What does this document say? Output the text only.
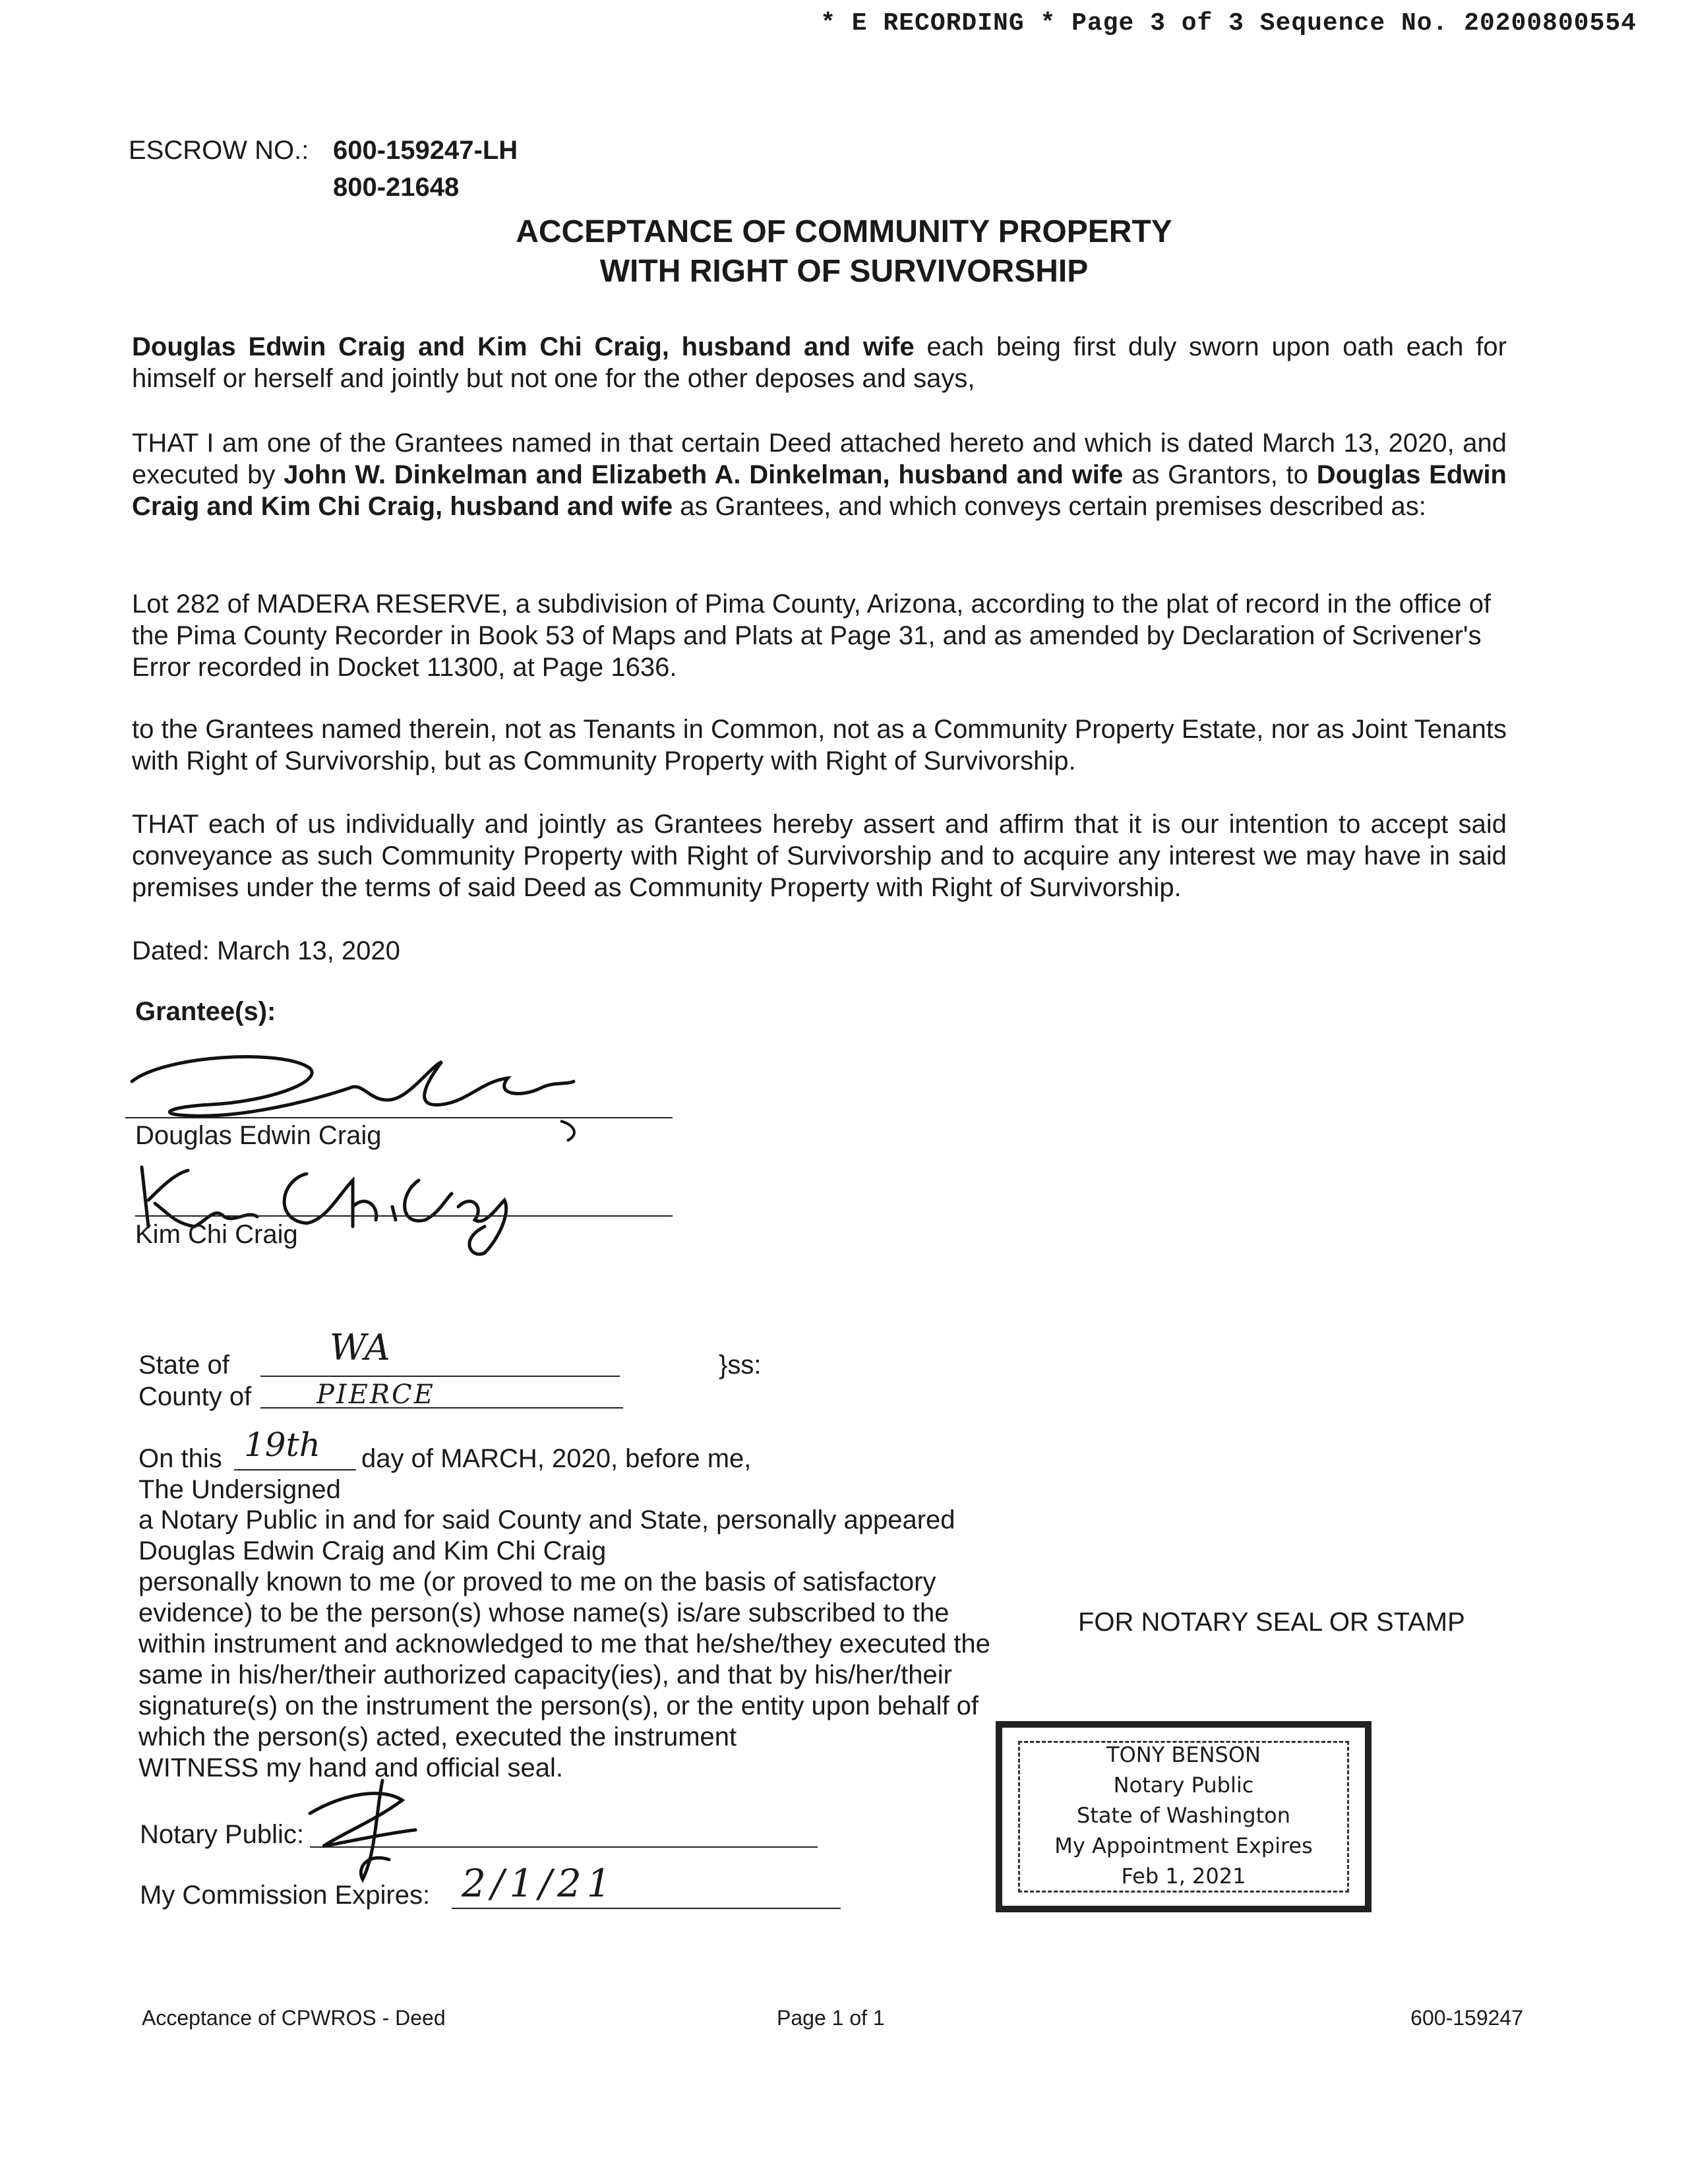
* E RECORDING * Page 3 of 3 Sequence No. 20200800554
ESCROW NO.: 600-159247-LH
800-21648
ACCEPTANCE OF COMMUNITY PROPERTY
WITH RIGHT OF SURVIVORSHIP
Douglas Edwin Craig and Kim Chi Craig, husband and wife each being first duly sworn upon oath each for himself or herself and jointly but not one for the other deposes and says,
THAT I am one of the Grantees named in that certain Deed attached hereto and which is dated March 13, 2020, and executed by John W. Dinkelman and Elizabeth A. Dinkelman, husband and wife as Grantors, to Douglas Edwin Craig and Kim Chi Craig, husband and wife as Grantees, and which conveys certain premises described as:
Lot 282 of MADERA RESERVE, a subdivision of Pima County, Arizona, according to the plat of record in the office of the Pima County Recorder in Book 53 of Maps and Plats at Page 31, and as amended by Declaration of Scrivener's Error recorded in Docket 11300, at Page 1636.
to the Grantees named therein, not as Tenants in Common, not as a Community Property Estate, nor as Joint Tenants with Right of Survivorship, but as Community Property with Right of Survivorship.
THAT each of us individually and jointly as Grantees hereby assert and affirm that it is our intention to accept said conveyance as such Community Property with Right of Survivorship and to acquire any interest we may have in said premises under the terms of said Deed as Community Property with Right of Survivorship.
Dated: March 13, 2020
Grantee(s):
Douglas Edwin Craig
Kim Chi Craig
State of	WA	}ss:
County of PIERCE
On this 19th day of MARCH, 2020, before me,
The Undersigned
a Notary Public in and for said County and State, personally appeared
Douglas Edwin Craig and Kim Chi Craig
personally known to me (or proved to me on the basis of satisfactory
evidence) to be the person(s) whose name(s) is/are subscribed to the
within instrument and acknowledged to me that he/she/they executed the
same in his/her/their authorized capacity(ies), and that by his/her/their
signature(s) on the instrument the person(s), or the entity upon behalf of
which the person(s) acted, executed the instrument
WITNESS my hand and official seal.
FOR NOTARY SEAL OR STAMP
Notary Public:
My Commission Expires: 2/1/21
TONY BENSON
Notary Public
State of Washington
My Appointment Expires
Feb 1, 2021
Acceptance of CPWROS - Deed	Page 1 of 1	600-159247
